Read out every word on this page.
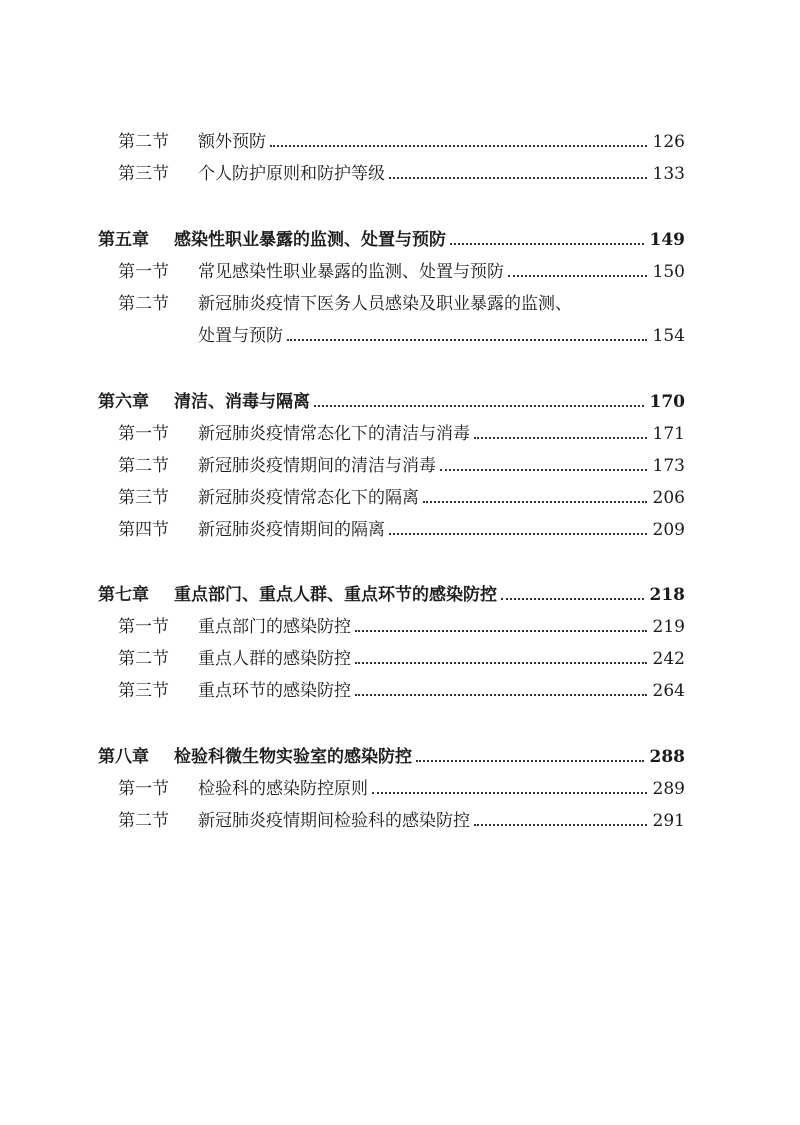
第二节	额外预防	126
第三节	个人防护原则和防护等级	133
第五章	感染性职业暴露的监测、处置与预防	149
第一节	常见感染性职业暴露的监测、处置与预防	150
第二节	新冠肺炎疫情下医务人员感染及职业暴露的监测、
处置与预防	154
第六章	清洁、消毒与隔离	170
第一节	新冠肺炎疫情常态化下的清洁与消毒	171
第二节	新冠肺炎疫情期间的清洁与消毒	173
第三节	新冠肺炎疫情常态化下的隔离	206
第四节	新冠肺炎疫情期间的隔离	209
第七章	重点部门、重点人群、重点环节的感染防控	218
第一节	重点部门的感染防控	219
第二节	重点人群的感染防控	242
第三节	重点环节的感染防控	264
第八章	检验科微生物实验室的感染防控	288
第一节	检验科的感染防控原则	289
第二节	新冠肺炎疫情期间检验科的感染防控	291
